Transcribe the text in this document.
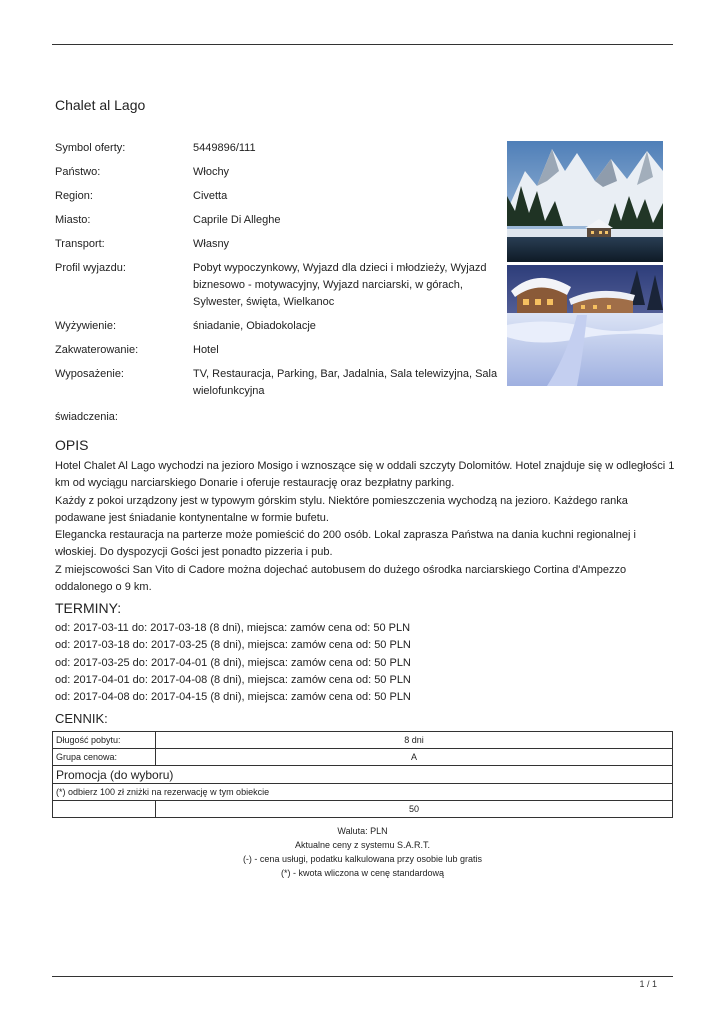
Chalet al Lago
Symbol oferty:	5449896/111
Państwo:	Włochy
Region:	Civetta
Miasto:	Caprile Di Alleghe
Transport:	Własny
Profil wyjazdu:	Pobyt wypoczynkowy, Wyjazd dla dzieci i młodzieży, Wyjazd biznesowo - motywacyjny, Wyjazd narciarski, w górach, Sylwester, święta, Wielkanoc
Wyżywienie:	śniadanie, Obiadokolacje
Zakwaterowanie:	Hotel
Wyposażenie:	TV, Restauracja, Parking, Bar, Jadalnia, Sala telewizyjna, Sala wielofunkcyjna
świadczenia:
OPIS
Hotel Chalet Al Lago wychodzi na jezioro Mosigo i wznoszące się w oddali szczyty Dolomitów. Hotel znajduje się w odległości 1 km od wyciągu narciarskiego Donarie i oferuje restaurację oraz bezpłatny parking.
Każdy z pokoi urządzony jest w typowym górskim stylu. Niektóre pomieszczenia wychodzą na jezioro. Każdego ranka podawane jest śniadanie kontynentalne w formie bufetu.
Elegancka restauracja na parterze może pomieścić do 200 osób. Lokal zaprasza Państwa na dania kuchni regionalnej i włoskiej. Do dyspozycji Gości jest ponadto pizzeria i pub.
Z miejscowości San Vito di Cadore można dojechać autobusem do dużego ośrodka narciarskiego Cortina d'Ampezzo oddalonego o 9 km.
TERMINY:
od: 2017-03-11 do: 2017-03-18 (8 dni), miejsca: zamów cena od: 50 PLN
od: 2017-03-18 do: 2017-03-25 (8 dni), miejsca: zamów cena od: 50 PLN
od: 2017-03-25 do: 2017-04-01 (8 dni), miejsca: zamów cena od: 50 PLN
od: 2017-04-01 do: 2017-04-08 (8 dni), miejsca: zamów cena od: 50 PLN
od: 2017-04-08 do: 2017-04-15 (8 dni), miejsca: zamów cena od: 50 PLN
CENNIK:
Długość pobytu:	8 dni
Grupa cenowa:	A
Promocja (do wyboru)	
(*) odbierz 100 zł zniżki na rezerwację w tym obiekcie	
	50
Waluta: PLN
Aktualne ceny z systemu S.A.R.T.
(-) - cena usługi, podatku kalkulowana przy osobie lub gratis
(*) - kwota wliczona w cenę standardową
1 / 1
